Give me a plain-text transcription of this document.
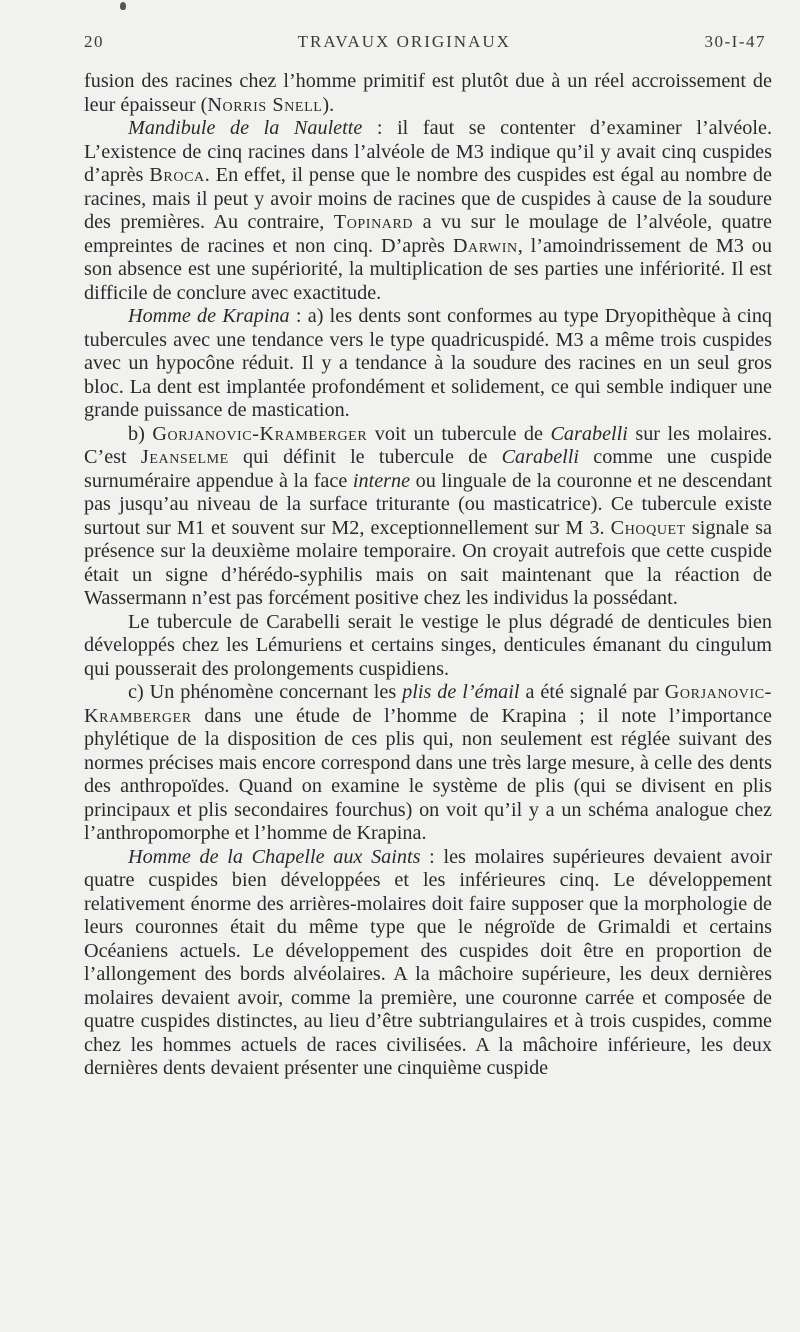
20	TRAVAUX ORIGINAUX	30-I-47

fusion des racines chez l’homme primitif est plutôt due à un réel accroissement de leur épaisseur (Norris Snell).

Mandibule de la Naulette : il faut se contenter d’examiner l’alvéole. L’existence de cinq racines dans l’alvéole de M3 indique qu’il y avait cinq cuspides d’après Broca. En effet, il pense que le nombre des cuspides est égal au nombre de racines, mais il peut y avoir moins de racines que de cuspides à cause de la soudure des premières. Au contraire, Topinard a vu sur le moulage de l’alvéole, quatre empreintes de racines et non cinq. D’après Darwin, l’amoindrissement de M3 ou son absence est une supériorité, la multiplication de ses parties une infériorité. Il est difficile de conclure avec exactitude.

Homme de Krapina : a) les dents sont conformes au type Dryopithèque à cinq tubercules avec une tendance vers le type quadricuspidé. M3 a même trois cuspides avec un hypocône réduit. Il y a tendance à la soudure des racines en un seul gros bloc. La dent est implantée profondément et solidement, ce qui semble indiquer une grande puissance de mastication.

b) Gorjanovic-Kramberger voit un tubercule de Carabelli sur les molaires. C’est Jeanselme qui définit le tubercule de Carabelli comme une cuspide surnuméraire appendue à la face interne ou linguale de la couronne et ne descendant pas jusqu’au niveau de la surface triturante (ou masticatrice). Ce tubercule existe surtout sur M1 et souvent sur M2, exceptionnellement sur M 3. Choquet signale sa présence sur la deuxième molaire temporaire. On croyait autrefois que cette cuspide était un signe d’hérédo-syphilis mais on sait maintenant que la réaction de Wassermann n’est pas forcément positive chez les individus la possédant.

Le tubercule de Carabelli serait le vestige le plus dégradé de denticules bien développés chez les Lémuriens et certains singes, denticules émanant du cingulum qui pousserait des prolongements cuspidiens.

c) Un phénomène concernant les plis de l’émail a été signalé par Gorjanovic-Kramberger dans une étude de l’homme de Krapina ; il note l’importance phylétique de la disposition de ces plis qui, non seulement est réglée suivant des normes précises mais encore correspond dans une très large mesure, à celle des dents des anthropoïdes. Quand on examine le système de plis (qui se divisent en plis principaux et plis secondaires fourchus) on voit qu’il y a un schéma analogue chez l’anthropomorphe et l’homme de Krapina.

Homme de la Chapelle aux Saints : les molaires supérieures devaient avoir quatre cuspides bien développées et les inférieures cinq. Le développement relativement énorme des arrières-molaires doit faire supposer que la morphologie de leurs couronnes était du même type que le négroïde de Grimaldi et certains Océaniens actuels. Le développement des cuspides doit être en proportion de l’allongement des bords alvéolaires. A la mâchoire supérieure, les deux dernières molaires devaient avoir, comme la première, une couronne carrée et composée de quatre cuspides distinctes, au lieu d’être subtriangulaires et à trois cuspides, comme chez les hommes actuels de races civilisées. A la mâchoire inférieure, les deux dernières dents devaient présenter une cinquième cuspide
